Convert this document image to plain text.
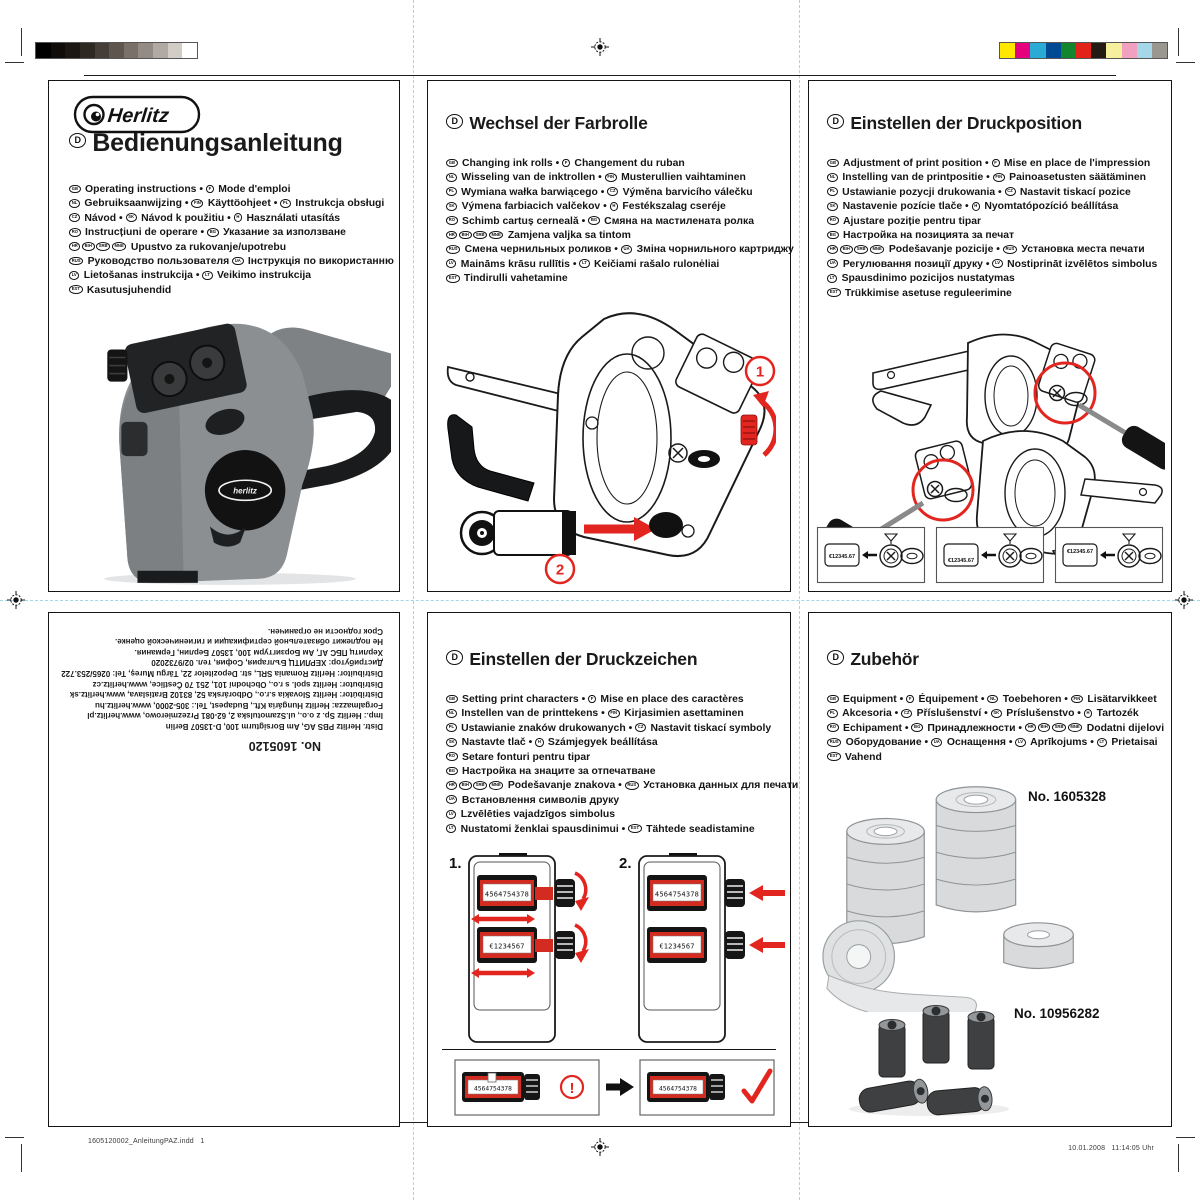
1605120002_AnleitungPAZ.indd   1
10.01.2008   11:14:05 Uhr
Herlitz
D Bedienungsanleitung
GB Operating instructions • F Mode d'emploi
NL Gebruiksaanwijzing • FIN Käyttöohjeet • PL Instrukcja obsługi
CZ Návod • SK Návod k použitiu • H Használati utasítás
RO Instrucțiuni de operare • BG Указание за използване
HR BIH SRB MNE Upustvo za rukovanje/upotrebu
RUS Руководство пользователя UA Інструкція по використанню
LV Lietošanas instrukcija • LT Veikimo instrukcija
EST Kasutusjuhendid
herlitz
D Wechsel der Farbrolle
GB Changing ink rolls • F Changement du ruban
NL Wisseling van de inktrollen • FIN Musterullien vaihtaminen
PL Wymiana wałka barwiącego • CZ Výměna barvicího válečku
SK Výmena farbiacich valčekov • H Festékszalag cseréje
RO Schimb cartuș cerneală • BG Смяна на мастилената ролка
HR BIH SRB MNE Zamjena valjka sa tintom
RUS Смена чернильных роликов • UA Зміна чорнильного картриджу
LV Maināms krāsu rullītis • LT Keičiami rašalo rulonėliai
EST Tindirulli vahetamine
1
2
D Einstellen der Druckposition
GB Adjustment of print position • F Mise en place de l'impression
NL Instelling van de printpositie • FIN Painoasetusten säätäminen
PL Ustawianie pozycji drukowania • CZ Nastavit tiskací pozice
SK Nastavenie pozície tlače • H Nyomtatópozíció beállítása
RO Ajustare poziție pentru tipar
BG Настройка на позицията за печат
HR BIH SRB MNE Podešavanje pozicije • RUS Установка места печати
UA Регулювання позиції друку • LV Nostiprināt izvēlētos simbolus
LT Spausdinimo pozicijos nustatymas
EST Trükkimise asetuse reguleerimine
€12345.67
€12345.67
€12345.67
No. 1605120
Distr. Herlitz PBS AG, Am Borsigturm 100, D-13507 Berlin
Imp.: Herlitz Sp. z o.o., ul.Szamotulska 2, 62-081 Przezmierowo, www.herlitz.pl
Forgalmazza: Herlitz Hungária Kft., Budapest, Tel.: 305-2000, www.herlitz.hu
Distribútor: Herlitz Slovakia s.r.o., Odborárska 52, 83102 Bratislava, www.herlitz.sk
Distributor: Herlitz spol. s r.o., Obchodní 101, 251 70 Čestlice, www.herlitz.cz
Distribuitor: Herlitz Romania SRL, str. Depozitelor 22, Târgu Mureş, Tel: 0265/253.722
Дистрибутор: ХЕРЛИТЦ България, София, тел. 02/9732020
Херлитц ПБС АГ, Ам Борзигтурм 100, 13507 Берлин, Германия.
Не подлежит обязательной сертификации и гигиенической оценке.
Срок годности не ограничен.
D Einstellen der Druckzeichen
GB Setting print characters • F Mise en place des caractères
NL Instellen van de printtekens • FIN Kirjasimien asettaminen
PL Ustawianie znaków drukowanych • CZ Nastavit tiskací symboly
SK Nastavte tlač • H Számjegyek beállítása
RO Setare fonturi pentru tipar
BG Настройка на знаците за отпечатване
HR BIH SRB MNE Podešavanje znakova • RUS Установка данных для печати
UA Встановлення символів друку
LV Lzvēlēties vajadzīgos simbolus
LT Nustatomi ženklai spausdinimui • EST Tähtede seadistamine
1.	2.
4564754378
€1234567
4564754378
€1234567
4564754378	!	4564754378
D Zubehör
GB Equipment • F Équipement • NL Toebehoren • FIN Lisätarvikkeet
PL Akcesoria • CZ Příslušenství • SK Príslušenstvo • H Tartozék
RO Echipament • BG Принадлежности • HR BIH SRB MNE Dodatni dijelovi
RUS Оборудование • UA Оснащення • LV Aprīkojums • LT Prietaisai
EST Vahend
No. 1605328
No. 10956282
